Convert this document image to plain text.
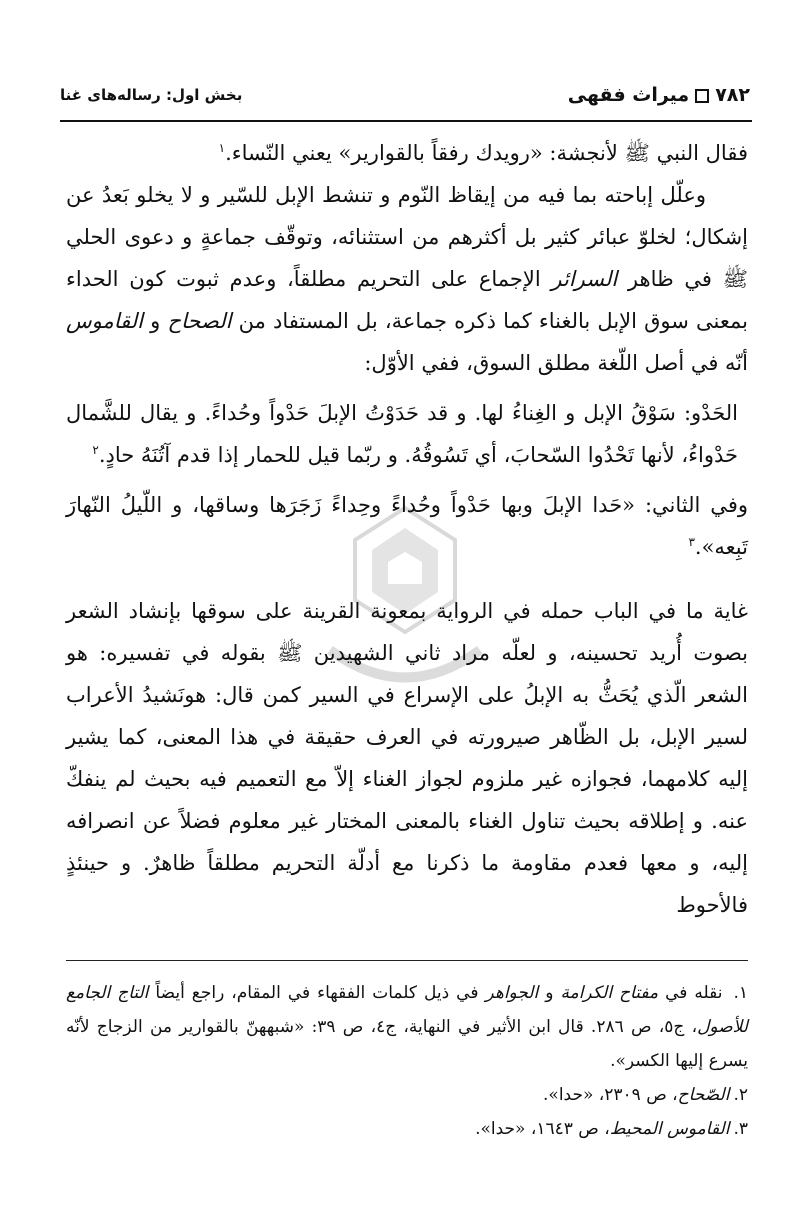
۷۸۲میراث فقهی
بخش اول: رساله‌های غنا

فقال النبي ﷺ لأنجشة: «رويدك رفقاً بالقوارير» يعني النّساء.$^١$

وعلّل إباحته بما فيه من إيقاظ النّوم و تنشط الإبل للسّير و لا يخلو بَعدُ عن إشكال؛ لخلوّ عبائر كثير بل أكثرهم من استثنائه، وتوقّف جماعةٍ و دعوى الحلي ﷺ في ظاهر السرائر الإجماع على التحريم مطلقاً، وعدم ثبوت كون الحداء بمعنى سوق الإبل بالغناء كما ذكره جماعة، بل المستفاد من الصحاح و القاموس أنّه في أصل اللّغة مطلق السوق، ففي الأوّل:

الحَدْو: سَوْقُ الإبل و الغِناءُ لها. و قد حَدَوْتُ الإبلَ حَدْواً وحُداءً. و يقال للشَّمال حَدْواءُ، لأنها تَحْدُوا السّحابَ، أي تَسُوقُهُ. و ربّما قيل للحمار إذا قدم آتُنَهُ حادٍ.$^٢$

وفي الثاني: «حَدا الإبلَ وبها حَدْواً وحُداءً وحِداءً زَجَرَها وساقها، و اللّيلُ النّهارَ تَبِعه».$^٣$

غاية ما في الباب حمله في الرواية بمعونة القرينة على سوقها بإنشاد الشعر بصوت أُريد تحسينه، و لعلّه مراد ثاني الشهيدين ﷺ بقوله في تفسيره: هو الشعر الّذي يُحَثُّ به الإبلُ على الإسراع في السير كمن قال: هونَشيدُ الأعراب لسير الإبل، بل الظّاهر صيرورته في العرف حقيقة في هذا المعنى، كما يشير إليه كلامهما، فجوازه غير ملزوم لجواز الغناء إلاّ مع التعميم فيه بحيث لم ينفكّ عنه. و إطلاقه بحيث تناول الغناء بالمعنى المختار غير معلوم فضلاً عن انصرافه إليه، و معها فعدم مقاومة ما ذكرنا مع أدلّة التحريم مطلقاً ظاهرٌ. و حينئذٍ فالأحوط

١. نقله في مفتاح الكرامة و الجواهر في ذيل كلمات الفقهاء في المقام، راجع أيضاً التاج الجامع للأصول، ج٥، ص ٢٨٦. قال ابن الأثير في النهاية، ج٤، ص ٣٩: «شبههنّ بالقوارير من الزجاج لأنّه يسرع إليها الكسر».

٢.الصّحاح، ص ٢٣٠٩، «حدا».

٣.القاموس المحيط، ص ١٦٤٣، «حدا».
